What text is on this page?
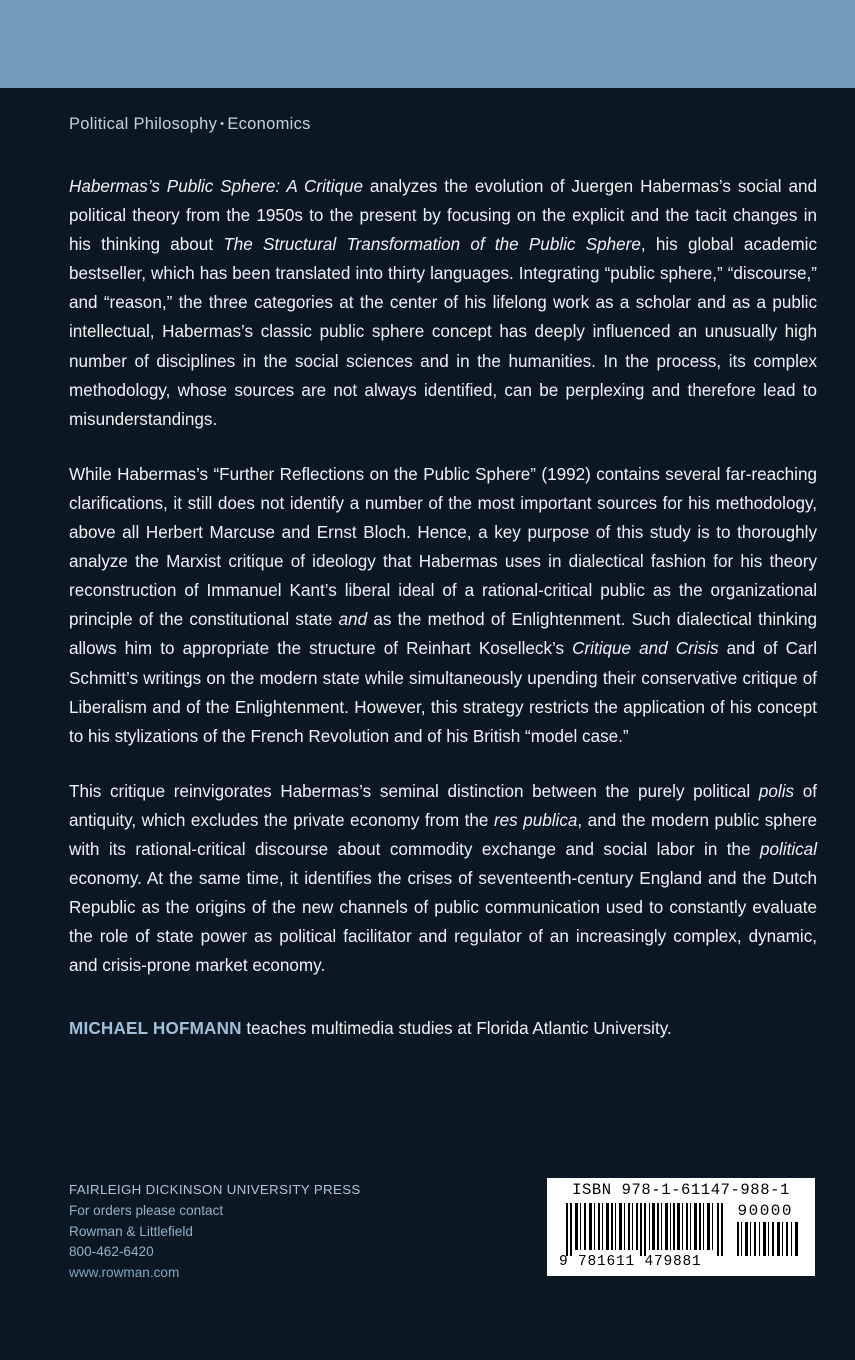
Political Philosophy • Economics

Habermas’s Public Sphere: A Critique analyzes the evolution of Juergen Habermas’s social and political theory from the 1950s to the present by focusing on the explicit and the tacit changes in his thinking about The Structural Transformation of the Public Sphere, his global academic bestseller, which has been translated into thirty languages. Integrating “public sphere,” “discourse,” and “reason,” the three categories at the center of his lifelong work as a scholar and as a public intellectual, Habermas’s classic public sphere concept has deeply influenced an unusually high number of disciplines in the social sciences and in the humanities. In the process, its complex methodology, whose sources are not always identified, can be perplexing and therefore lead to misunderstandings.

While Habermas’s “Further Reflections on the Public Sphere” (1992) contains several far-reaching clarifications, it still does not identify a number of the most important sources for his methodology, above all Herbert Marcuse and Ernst Bloch. Hence, a key purpose of this study is to thoroughly analyze the Marxist critique of ideology that Habermas uses in dialectical fashion for his theory reconstruction of Immanuel Kant’s liberal ideal of a rational-critical public as the organizational principle of the constitutional state and as the method of Enlightenment. Such dialectical thinking allows him to appropriate the structure of Reinhart Koselleck’s Critique and Crisis and of Carl Schmitt’s writings on the modern state while simultaneously upending their conservative critique of Liberalism and of the Enlightenment. However, this strategy restricts the application of his concept to his stylizations of the French Revolution and of his British “model case.”

This critique reinvigorates Habermas’s seminal distinction between the purely political polis of antiquity, which excludes the private economy from the res publica, and the modern public sphere with its rational-critical discourse about commodity exchange and social labor in the political economy. At the same time, it identifies the crises of seventeenth-century England and the Dutch Republic as the origins of the new channels of public communication used to constantly evaluate the role of state power as political facilitator and regulator of an increasingly complex, dynamic, and crisis-prone market economy.

MICHAEL HOFMANN teaches multimedia studies at Florida Atlantic University.
FAIRLEIGH DICKINSON UNIVERSITY PRESS
For orders please contact
Rowman & Littlefield
800-462-6420
www.rowman.com
ISBN 978-1-61147-988-1
90000
9 781611 479881
